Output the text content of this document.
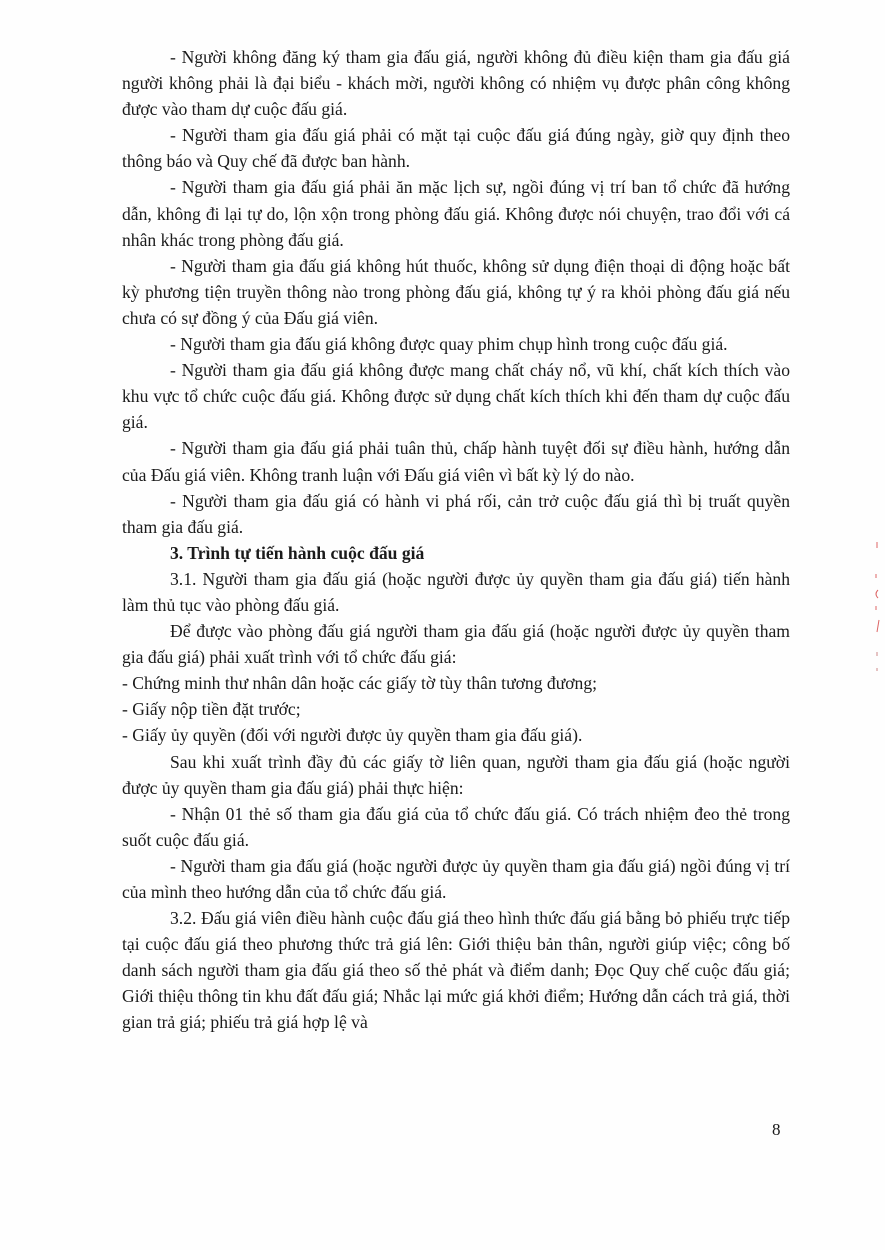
- Người không đăng ký tham gia đấu giá, người không đủ điều kiện tham gia đấu giá người không phải là đại biểu - khách mời, người không có nhiệm vụ được phân công không được vào tham dự cuộc đấu giá.

- Người tham gia đấu giá phải có mặt tại cuộc đấu giá đúng ngày, giờ quy định theo thông báo và Quy chế đã được ban hành.

- Người tham gia đấu giá phải ăn mặc lịch sự, ngồi đúng vị trí ban tổ chức đã hướng dẫn, không đi lại tự do, lộn xộn trong phòng đấu giá. Không được nói chuyện, trao đổi với cá nhân khác trong phòng đấu giá.

- Người tham gia đấu giá không hút thuốc, không sử dụng điện thoại di động hoặc bất kỳ phương tiện truyền thông nào trong phòng đấu giá, không tự ý ra khỏi phòng đấu giá nếu chưa có sự đồng ý của Đấu giá viên.

- Người tham gia đấu giá không được quay phim chụp hình trong cuộc đấu giá.

- Người tham gia đấu giá không được mang chất cháy nổ, vũ khí, chất kích thích vào khu vực tổ chức cuộc đấu giá. Không được sử dụng chất kích thích khi đến tham dự cuộc đấu giá.

- Người tham gia đấu giá phải tuân thủ, chấp hành tuyệt đối sự điều hành, hướng dẫn của Đấu giá viên. Không tranh luận với Đấu giá viên vì bất kỳ lý do nào.

- Người tham gia đấu giá có hành vi phá rối, cản trở cuộc đấu giá thì bị truất quyền tham gia đấu giá.

3. Trình tự tiến hành cuộc đấu giá

3.1. Người tham gia đấu giá (hoặc người được ủy quyền tham gia đấu giá) tiến hành làm thủ tục vào phòng đấu giá.

Để được vào phòng đấu giá người tham gia đấu giá (hoặc người được ủy quyền tham gia đấu giá) phải xuất trình với tổ chức đấu giá:

- Chứng minh thư nhân dân hoặc các giấy tờ tùy thân tương đương;

- Giấy nộp tiền đặt trước;

- Giấy ủy quyền (đối với người được ủy quyền tham gia đấu giá).

Sau khi xuất trình đầy đủ các giấy tờ liên quan, người tham gia đấu giá (hoặc người được ủy quyền tham gia đấu giá) phải thực hiện:

- Nhận 01 thẻ số tham gia đấu giá của tổ chức đấu giá. Có trách nhiệm đeo thẻ trong suốt cuộc đấu giá.

- Người tham gia đấu giá (hoặc người được ủy quyền tham gia đấu giá) ngồi đúng vị trí của mình theo hướng dẫn của tổ chức đấu giá.

3.2. Đấu giá viên điều hành cuộc đấu giá theo hình thức đấu giá bằng bỏ phiếu trực tiếp tại cuộc đấu giá theo phương thức trả giá lên: Giới thiệu bản thân, người giúp việc; công bố danh sách người tham gia đấu giá theo số thẻ phát và điểm danh; Đọc Quy chế cuộc đấu giá; Giới thiệu thông tin khu đất đấu giá; Nhắc lại mức giá khởi điểm; Hướng dẫn cách trả giá, thời gian trả giá; phiếu trả giá hợp lệ và

8
